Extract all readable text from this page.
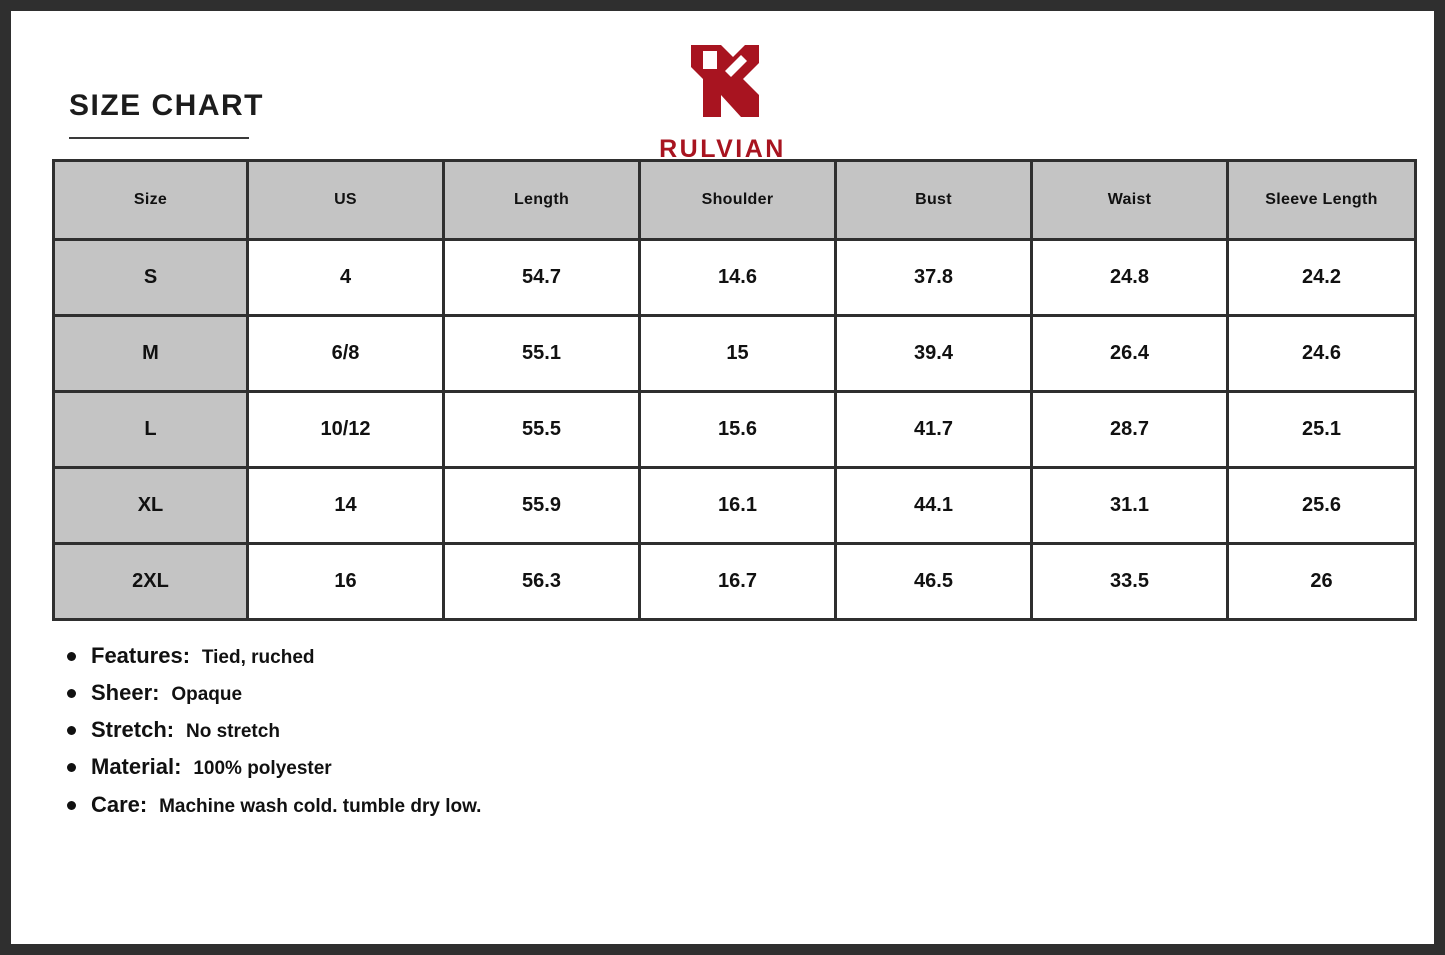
SIZE CHART
RULVIAN
Size	US	Length	Shoulder	Bust	Waist	Sleeve Length
S	4	54.7	14.6	37.8	24.8	24.2
M	6/8	55.1	15	39.4	26.4	24.6
L	10/12	55.5	15.6	41.7	28.7	25.1
XL	14	55.9	16.1	44.1	31.1	25.6
2XL	16	56.3	16.7	46.5	33.5	26
Features: Tied, ruched
Sheer: Opaque
Stretch: No stretch
Material: 100% polyester
Care: Machine wash cold. tumble dry low.
